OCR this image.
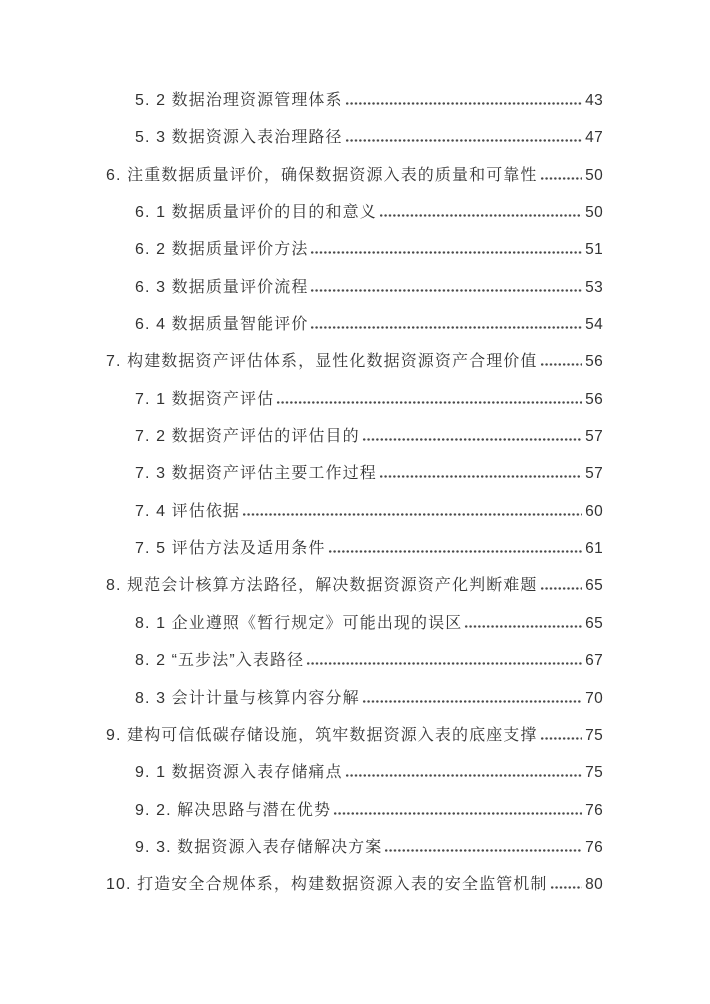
5. 2 数据治理资源管理体系	43
5. 3 数据资源入表治理路径	47
6. 注重数据质量评价，确保数据资源入表的质量和可靠性	50
6. 1 数据质量评价的目的和意义	50
6. 2 数据质量评价方法	51
6. 3 数据质量评价流程	53
6. 4 数据质量智能评价	54
7. 构建数据资产评估体系，显性化数据资源资产合理价值	56
7. 1 数据资产评估	56
7. 2 数据资产评估的评估目的	57
7. 3 数据资产评估主要工作过程	57
7. 4 评估依据	60
7. 5 评估方法及适用条件	61
8. 规范会计核算方法路径，解决数据资源资产化判断难题	65
8. 1 企业遵照《暂行规定》可能出现的误区	65
8. 2 “五步法”入表路径	67
8. 3 会计计量与核算内容分解	70
9. 建构可信低碳存储设施，筑牢数据资源入表的底座支撑	75
9. 1 数据资源入表存储痛点	75
9. 2. 解决思路与潜在优势	76
9. 3. 数据资源入表存储解决方案	76
10. 打造安全合规体系，构建数据资源入表的安全监管机制 80
